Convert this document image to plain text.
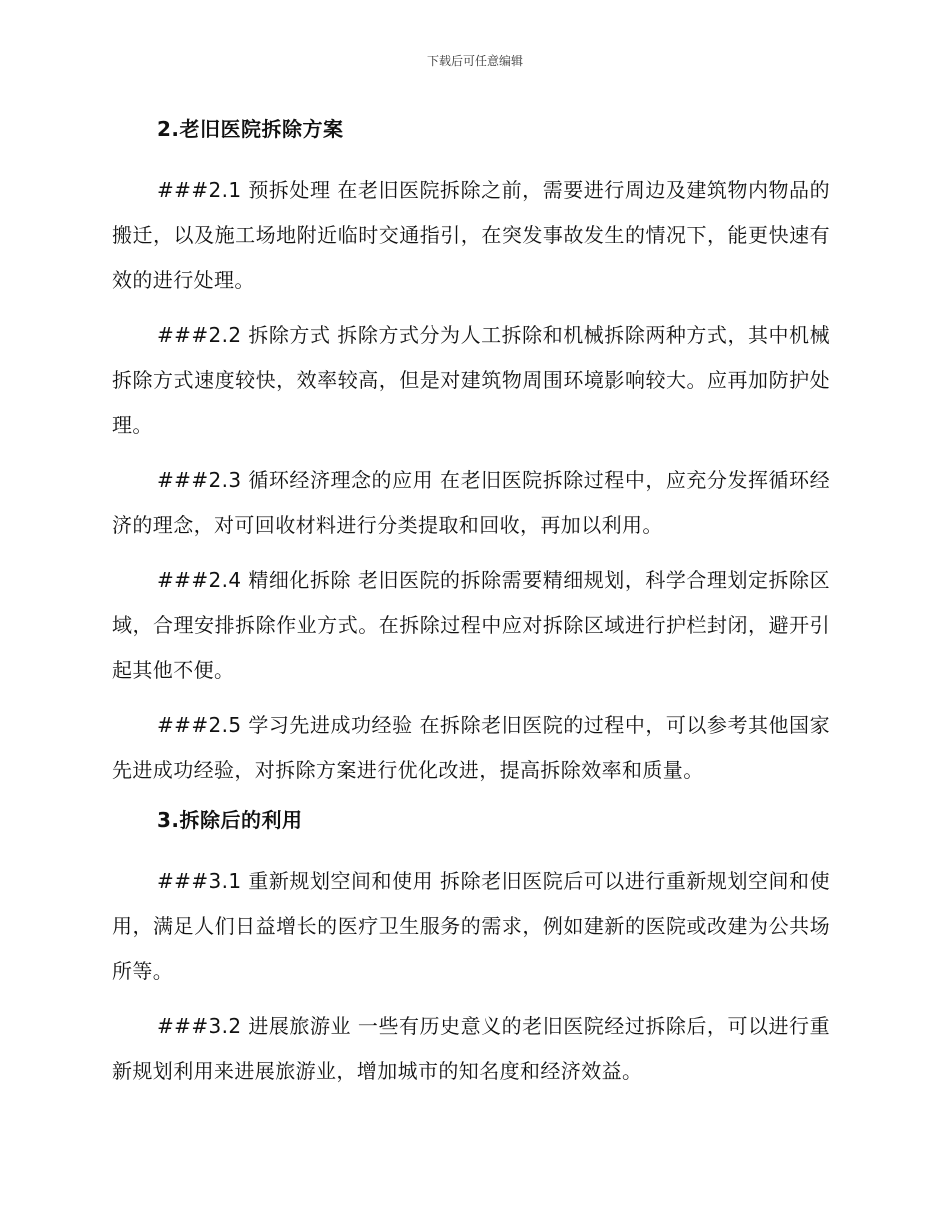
下载后可任意编辑
2.老旧医院拆除方案

###2.1 预拆处理 在老旧医院拆除之前，需要进行周边及建筑物内物品的搬迁，以及施工场地附近临时交通指引，在突发事故发生的情况下，能更快速有效的进行处理。

###2.2 拆除方式 拆除方式分为人工拆除和机械拆除两种方式，其中机械拆除方式速度较快，效率较高，但是对建筑物周围环境影响较大。应再加防护处理。

###2.3 循环经济理念的应用 在老旧医院拆除过程中，应充分发挥循环经济的理念，对可回收材料进行分类提取和回收，再加以利用。

###2.4 精细化拆除 老旧医院的拆除需要精细规划，科学合理划定拆除区域，合理安排拆除作业方式。在拆除过程中应对拆除区域进行护栏封闭，避开引起其他不便。

###2.5 学习先进成功经验 在拆除老旧医院的过程中，可以参考其他国家先进成功经验，对拆除方案进行优化改进，提高拆除效率和质量。

3.拆除后的利用

###3.1 重新规划空间和使用 拆除老旧医院后可以进行重新规划空间和使用，满足人们日益增长的医疗卫生服务的需求，例如建新的医院或改建为公共场所等。

###3.2 进展旅游业 一些有历史意义的老旧医院经过拆除后，可以进行重新规划利用来进展旅游业，增加城市的知名度和经济效益。
